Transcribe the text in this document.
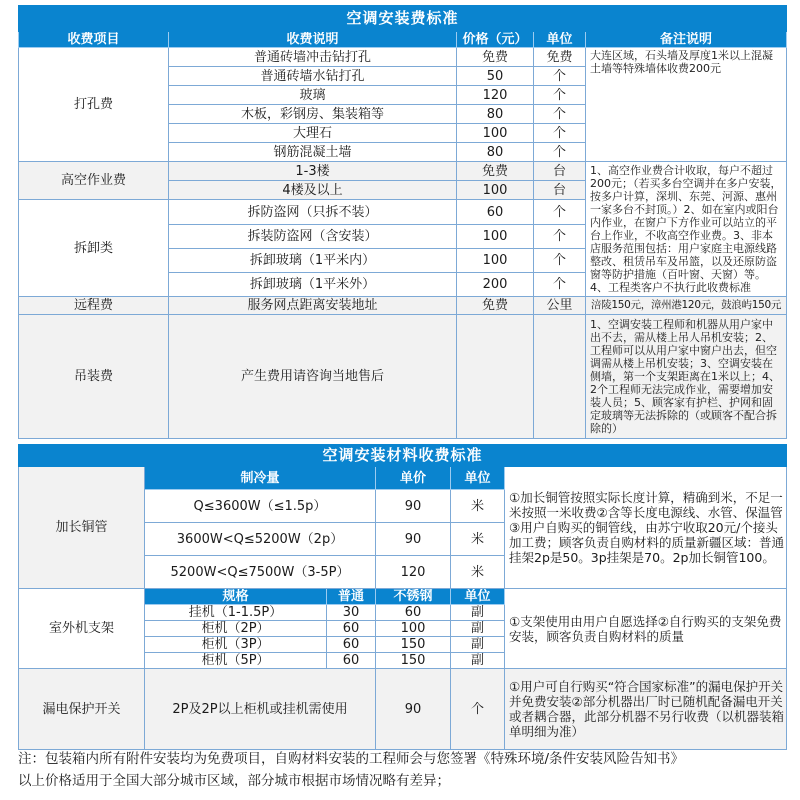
空调安装费标准				
收费项目	收费说明	价格（元）	单位	备注说明
打孔费	普通砖墙冲击钻打孔	免费	免费	大连区域，石头墙及厚度1米以上混凝土墙等特殊墙体收费200元
	普通砖墙水钻打孔	50	个	
	玻璃	120	个	
	木板，彩钢房、集装箱等	80	个	
	大理石	100	个	
	钢筋混凝土墙	80	个	
高空作业费	1-3楼	免费	台	1、高空作业费合计收取，每户不超过200元；（若买多台空调并在多户安装，按多户计算，深圳、东莞、河源、惠州一家多台不封顶。）2、如在室内或阳台内作业，在窗户下方作业可以站立的平台上作业，不收高空作业费。3、非本店服务范围包括：用户家庭主电源线路整改、租赁吊车及吊篮，以及还原防盗窗等防护措施（百叶窗、天窗）等。4、工程类客户不执行此收费标准
	4楼及以上	100	台	
拆卸类	拆防盗网（只拆不装）	60	个	
	拆装防盗网（含安装）	100	个	
	拆卸玻璃（1平米内）	100	个	
	拆卸玻璃（1平米外）	200	个	
远程费	服务网点距离安装地址	免费	公里	涪陵150元，漳州港120元，鼓浪屿150元
吊装费	产生费用请咨询当地售后			1、空调安装工程师和机器从用户家中出不去，需从楼上吊人吊机安装；2、工程师可以从用户家中窗户出去，但空调需从楼上吊机安装；3、空调安装在侧墙，第一个支架距离在1米以上；4、2个工程师无法完成作业，需要增加安装人员；5、顾客家有护栏、护网和固定玻璃等无法拆除的（或顾客不配合拆除的）
空调安装材料收费标准					
加长铜管	制冷量		单价	单位	①加长铜管按照实际长度计算，精确到米，不足一米按照一米收费②含等长度电源线、水管、保温管③用户自购买的铜管线，由苏宁收取20元/个接头加工费；顾客负责自购材料的质量新疆区域：普通挂架2p是50。3p挂架是70。2p加长铜管100。
	Q≤3600W（≤1.5p）		90	米	
	3600W<Q≤5200W（2p）		90	米	
	5200W<Q≤7500W（3-5P）		120	米	
室外机支架	规格	普通	不锈钢	单位	①支架使用由用户自愿选择②自行购买的支架免费安装，顾客负责自购材料的质量
	挂机（1-1.5P）	30	60	副	
	柜机（2P）	60	100	副	
	柜机（3P）	60	150	副	
	柜机（5P）	60	150	副	
漏电保护开关	2P及2P以上柜机或挂机需使用		90	个	①用户可自行购买“符合国家标准”的漏电保护开关并免费安装②部分机器出厂时已随机配备漏电开关或者耦合器，此部分机器不另行收费（以机器装箱单明细为准）
注：包装箱内所有附件安装均为免费项目，自购材料安装的工程师会与您签署《特殊环境/条件安装风险告知书》
以上价格适用于全国大部分城市区域，部分城市根据市场情况略有差异；
